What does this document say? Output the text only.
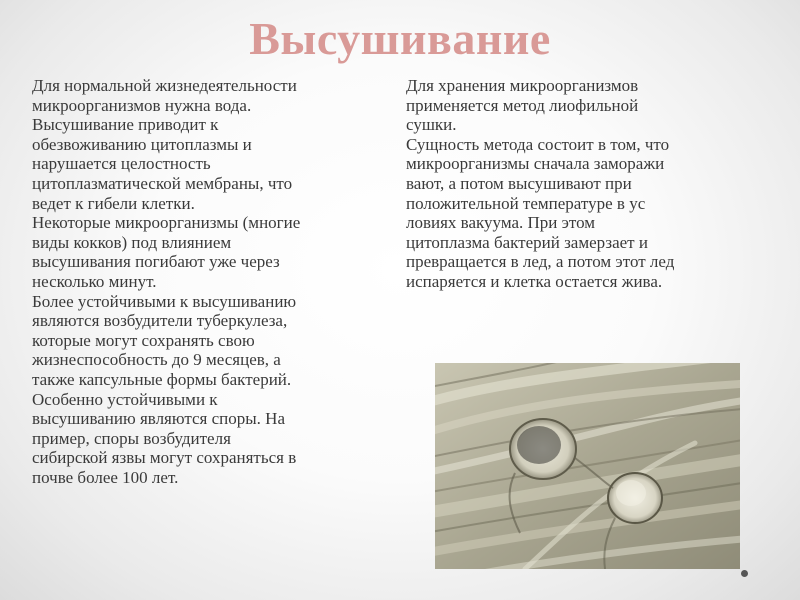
Высушивание

Для нормальной жизнедеятельности
микроорганизмов нужна вода.
Высушивание приводит к
обезвоживанию цитоплазмы и
нарушается целостность
цитоплазматической мембраны, что
ведет к гибели клетки.

Некоторые микроорганизмы (многие
виды кокков) под влиянием
высушивания погибают уже через
несколько минут.

Более устойчивыми к высушиванию
являются возбудители туберкулеза,
которые могут сохранять свою
жизнеспособность до 9 месяцев, а
также капсульные формы бактерий.

Особенно устойчивыми к
высушиванию являются споры. На
пример, споры возбудителя
сибирской язвы могут сохраняться в
почве более 100 лет.

Для хранения микроорганизмов
применяется метод лиофильной
сушки.

Сущность метода состоит в том, что
микроорганизмы сначала заморажи
вают, а потом высушивают при
положительной температуре в ус
ловиях вакуума. При этом
цитоплазма бактерий замерзает и
превращается в лед, а потом этот лед
испаряется и клетка остается жива.
